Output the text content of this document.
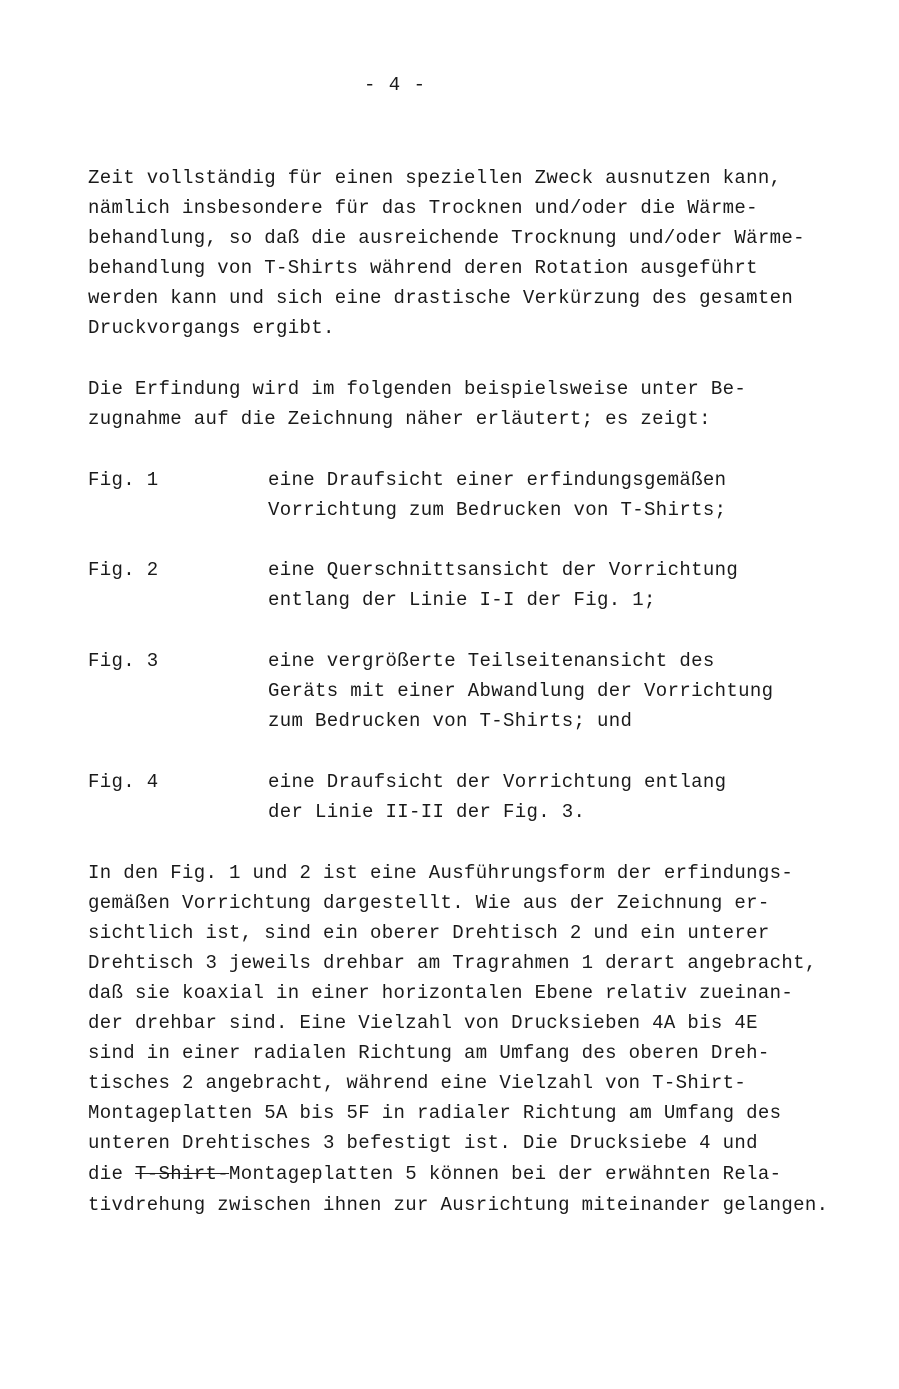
- 4 -
Zeit vollständig für einen speziellen Zweck ausnutzen kann,
nämlich insbesondere für das Trocknen und/oder die Wärme-
behandlung, so daß die ausreichende Trocknung und/oder Wärme-
behandlung von T-Shirts während deren Rotation ausgeführt
werden kann und sich eine drastische Verkürzung des gesamten
Druckvorgangs ergibt.
Die Erfindung wird im folgenden beispielsweise unter Be-
zugnahme auf die Zeichnung näher erläutert; es zeigt:
Fig. 1	eine Draufsicht einer erfindungsgemäßen
Vorrichtung zum Bedrucken von T-Shirts;
Fig. 2	eine Querschnittsansicht der Vorrichtung
entlang der Linie I-I der Fig. 1;
Fig. 3	eine vergrößerte Teilseitenansicht des
Geräts mit einer Abwandlung der Vorrichtung
zum Bedrucken von T-Shirts; und
Fig. 4	eine Draufsicht der Vorrichtung entlang
der Linie II-II der Fig. 3.
In den Fig. 1 und 2 ist eine Ausführungsform der erfindungs-
gemäßen Vorrichtung dargestellt. Wie aus der Zeichnung er-
sichtlich ist, sind ein oberer Drehtisch 2 und ein unterer
Drehtisch 3 jeweils drehbar am Tragrahmen 1 derart angebracht,
daß sie koaxial in einer horizontalen Ebene relativ zueinan-
der drehbar sind. Eine Vielzahl von Drucksieben 4A bis 4E
sind in einer radialen Richtung am Umfang des oberen Dreh-
tisches 2 angebracht, während eine Vielzahl von T-Shirt-
Montageplatten 5A bis 5F in radialer Richtung am Umfang des
unteren Drehtisches 3 befestigt ist. Die Drucksiebe 4 und
die T-Shirt-Montageplatten 5 können bei der erwähnten Rela-
tivdrehung zwischen ihnen zur Ausrichtung miteinander gelangen.
